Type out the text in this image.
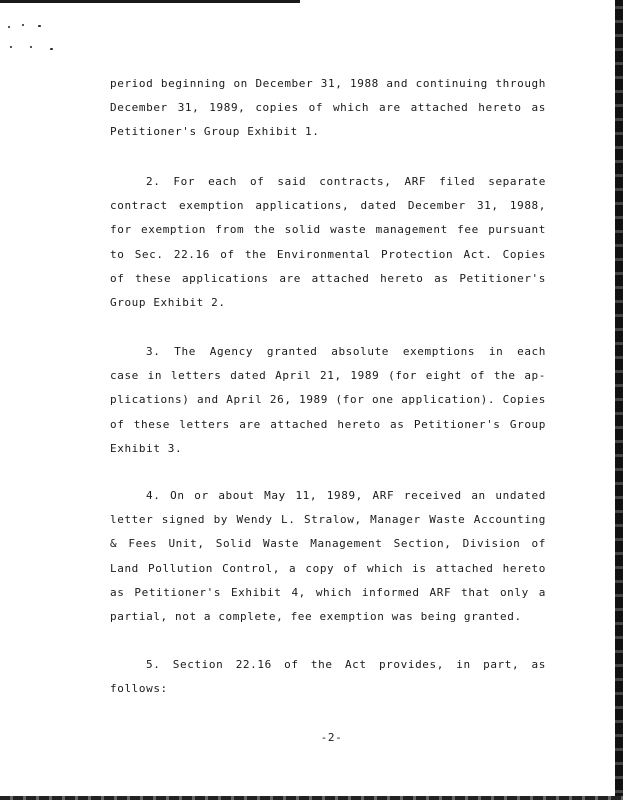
period beginning on December 31, 1988 and continuing through
December 31, 1989, copies of which are attached hereto as
Petitioner's Group Exhibit 1.
2. For each of said contracts, ARF filed separate
contract exemption applications, dated December 31, 1988,
for exemption from the solid waste management fee pursuant
to Sec. 22.16 of the Environmental Protection Act. Copies
of these applications are attached hereto as Petitioner's
Group Exhibit 2.
3. The Agency granted absolute exemptions in each
case in letters dated April 21, 1989 (for eight of the ap-
plications) and April 26, 1989 (for one application). Copies
of these letters are attached hereto as Petitioner's Group
Exhibit 3.
4. On or about May 11, 1989, ARF received an undated
letter signed by Wendy L. Stralow, Manager Waste Accounting
& Fees Unit, Solid Waste Management Section, Division of
Land Pollution Control, a copy of which is attached hereto
as Petitioner's Exhibit 4, which informed ARF that only a
partial, not a complete, fee exemption was being granted.
5. Section 22.16 of the Act provides, in part, as
follows:
-2-
